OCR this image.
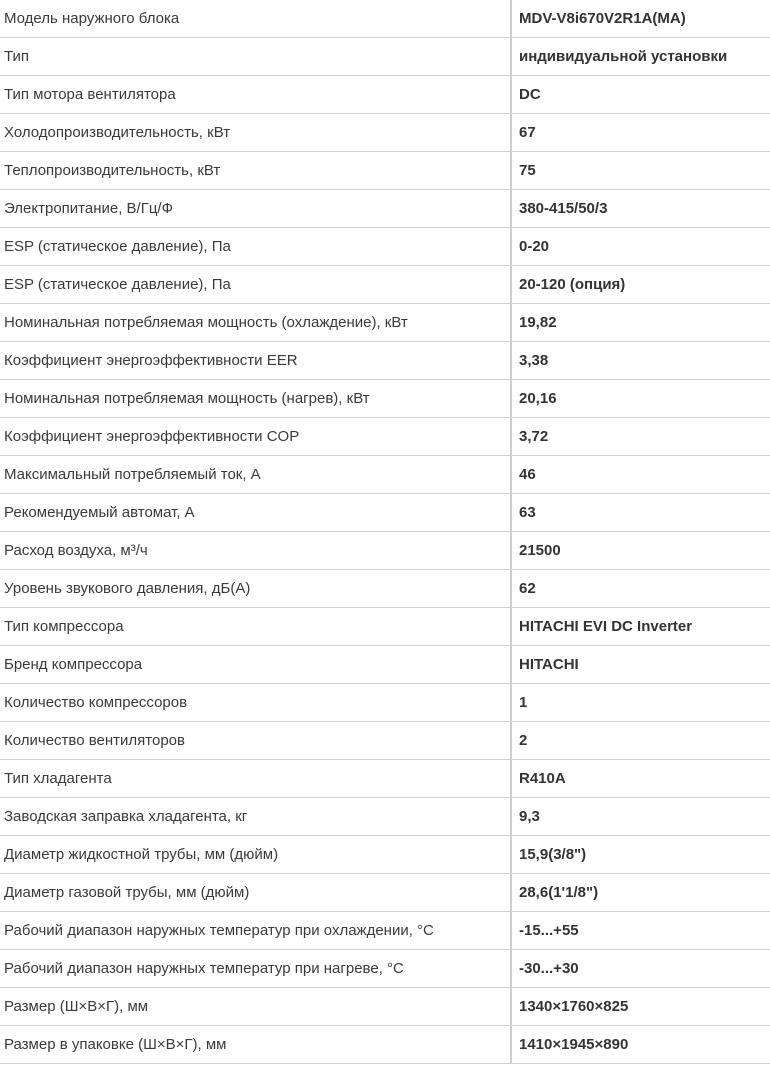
Модель наружного блока	MDV-V8i670V2R1A(MA)
Тип	индивидуальной установки
Тип мотора вентилятора	DC
Холодопроизводительность, кВт	67
Теплопроизводительность, кВт	75
Электропитание, В/Гц/Ф	380-415/50/3
ESP (статическое давление), Па	0-20
ESP (статическое давление), Па	20-120 (опция)
Номинальная потребляемая мощность (охлаждение), кВт	19,82
Коэффициент энергоэффективности EER	3,38
Номинальная потребляемая мощность (нагрев), кВт	20,16
Коэффициент энергоэффективности COP	3,72
Максимальный потребляемый ток, А	46
Рекомендуемый автомат, А	63
Расход воздуха, м³/ч	21500
Уровень звукового давления, дБ(А)	62
Тип компрессора	HITACHI EVI DC Inverter
Бренд компрессора	HITACHI
Количество компрессоров	1
Количество вентиляторов	2
Тип хладагента	R410A
Заводская заправка хладагента, кг	9,3
Диаметр жидкостной трубы, мм (дюйм)	15,9(3/8")
Диаметр газовой трубы, мм (дюйм)	28,6(1'1/8")
Рабочий диапазон наружных температур при охлаждении, °С	-15...+55
Рабочий диапазон наружных температур при нагреве, °С	-30...+30
Размер (Ш×В×Г), мм	1340×1760×825
Размер в упаковке (Ш×В×Г), мм	1410×1945×890
